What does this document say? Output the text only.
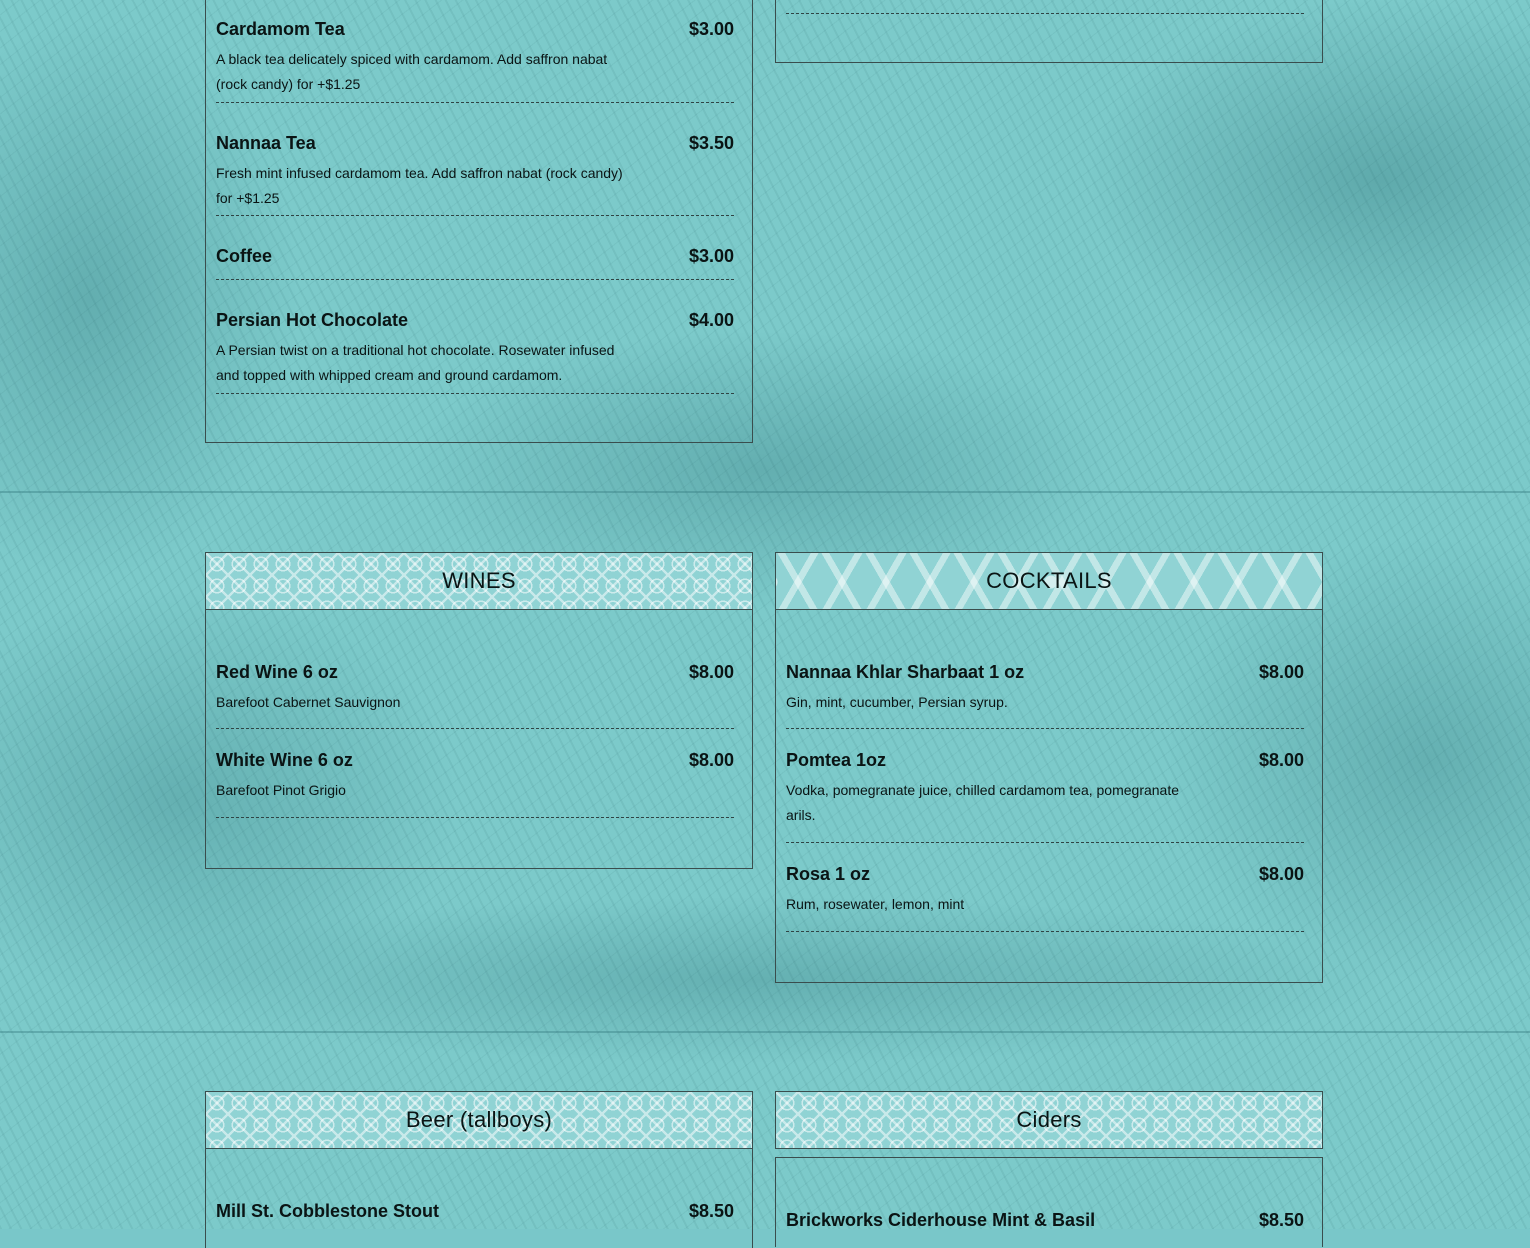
Cardamom Tea	$3.00
A black tea delicately spiced with cardamom. Add saffron nabat (rock candy) for +$1.25
Nannaa Tea	$3.50
Fresh mint infused cardamom tea. Add saffron nabat (rock candy) for +$1.25
Coffee	$3.00
Persian Hot Chocolate	$4.00
A Persian twist on a traditional hot chocolate. Rosewater infused and topped with whipped cream and ground cardamom.
WINES
Red Wine 6 oz	$8.00
Barefoot Cabernet Sauvignon
White Wine 6 oz	$8.00
Barefoot Pinot Grigio
COCKTAILS
Nannaa Khlar Sharbaat 1 oz	$8.00
Gin, mint, cucumber, Persian syrup.
Pomtea 1oz	$8.00
Vodka, pomegranate juice, chilled cardamom tea, pomegranate arils.
Rosa 1 oz	$8.00
Rum, rosewater, lemon, mint
Beer (tallboys)
Mill St. Cobblestone Stout	$8.50
Ciders
Brickworks Ciderhouse Mint & Basil	$8.50
